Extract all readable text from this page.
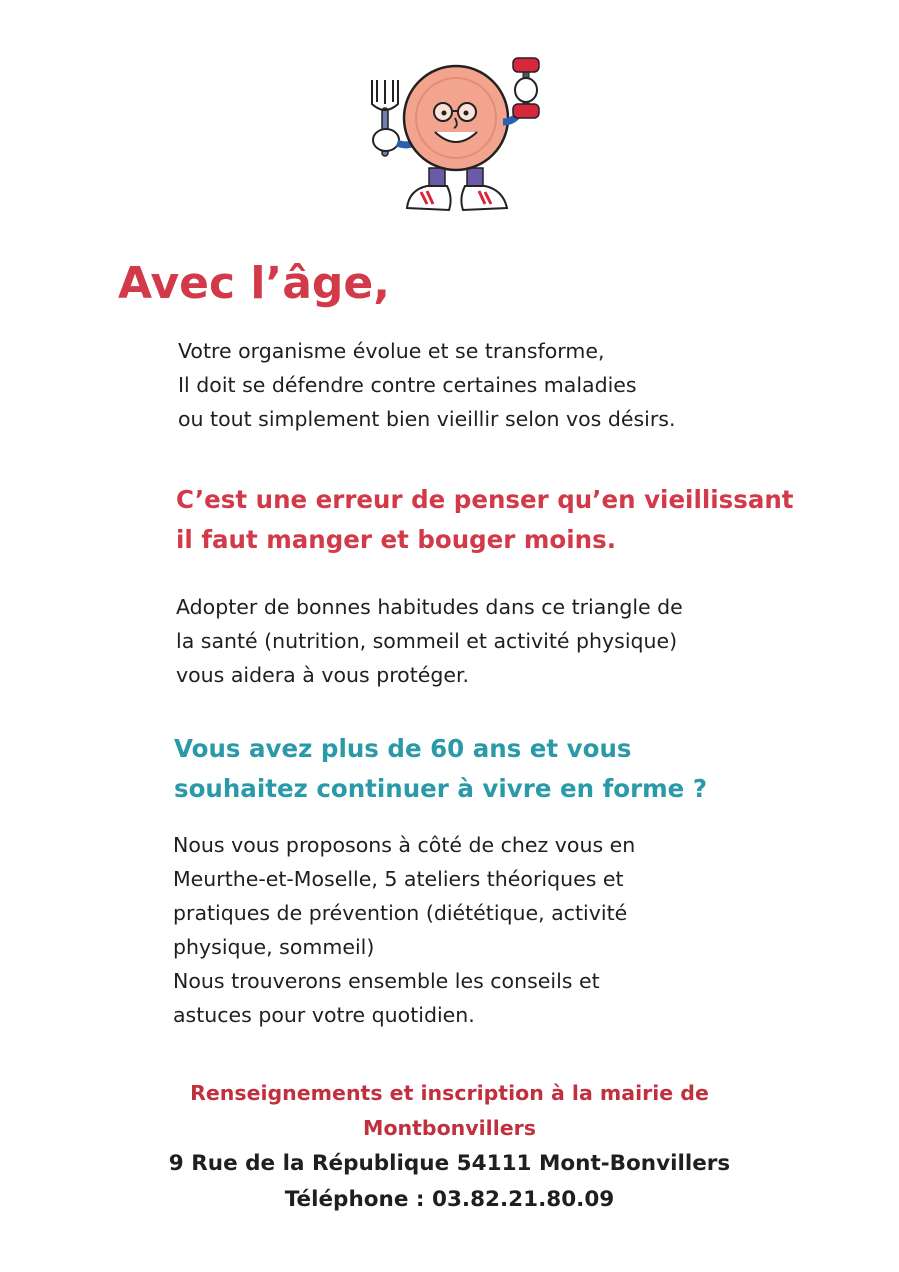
Avec l’âge,

Votre organisme évolue et se transforme,
Il doit se défendre contre certaines maladies
ou tout simplement bien vieillir selon vos désirs.

C’est une erreur de penser qu’en vieillissant
il faut manger et bouger moins.

Adopter de bonnes habitudes dans ce triangle de
la santé (nutrition, sommeil et activité physique)
vous aidera à vous protéger.

Vous avez plus de 60 ans et vous
souhaitez continuer à vivre en forme ?

Nous vous proposons à côté de chez vous en
Meurthe-et-Moselle, 5 ateliers théoriques et
pratiques de prévention (diététique, activité
physique, sommeil)
Nous trouverons ensemble les conseils et
astuces pour votre quotidien.

Renseignements et inscription à la mairie de
Montbonvillers
9 Rue de la République 54111 Mont-Bonvillers
Téléphone : 03.82.21.80.09
